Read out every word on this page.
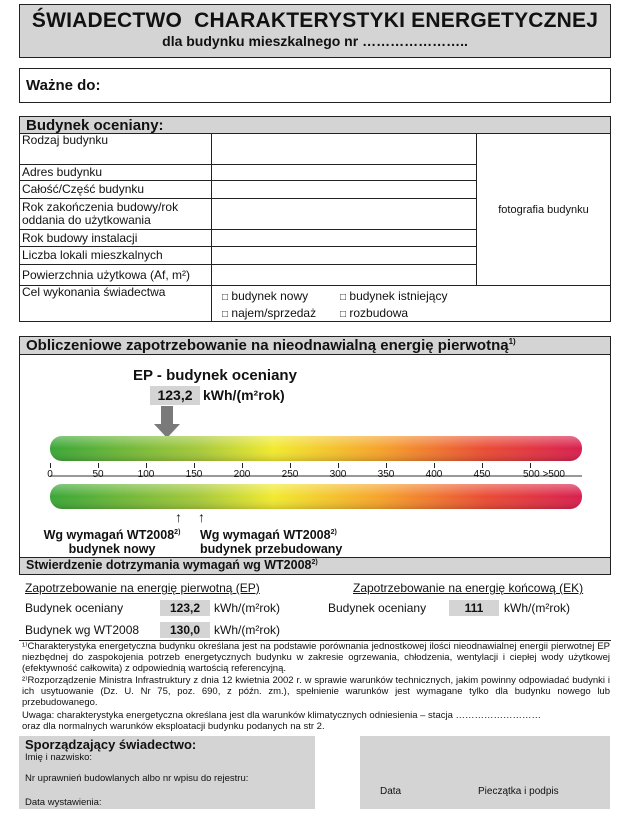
ŚWIADECTWO  CHARAKTERYSTYKI ENERGETYCZNEJ
dla budynku mieszkalnego nr …………………..
Ważne do:
Budynek oceniany:
Rodzaj budynku
Adres budynku
Całość/Część budynku
Rok zakończenia budowy/rok oddania do użytkowania
Rok budowy instalacji
Liczba lokali mieszkalnych
Powierzchnia użytkowa (Af, m²)
fotografia budynku
Cel wykonania świadectwa	□ budynek nowy	□ budynek istniejący
□ najem/sprzedaż □ rozbudowa
Obliczeniowe zapotrzebowanie na nieodnawialną energię pierwotną$^{1)}$
EP - budynek oceniany
123,2 kWh/(m²rok)
0	50	100	150	200	250	300	350	400	450	500 >500
↑ ↑
Wg wymagań WT2008$^{2)}$
budynek nowy
Wg wymagań WT2008$^{2)}$
budynek przebudowany
Stwierdzenie dotrzymania wymagań wg WT2008$^{2)}$
Zapotrzebowanie na energię pierwotną (EP)	Zapotrzebowanie na energię końcową (EK)
Budynek oceniany	123,2	kWh/(m²rok)	Budynek oceniany	111	kWh/(m²rok)
Budynek wg WT2008	130,0	kWh/(m²rok)
¹⁾Charakterystyka energetyczna budynku określana jest na podstawie porównania jednostkowej ilości nieodnawialnej energii pierwotnej EP niezbędnej do zaspokojenia potrzeb energetycznych budynku w zakresie ogrzewania, chłodzenia, wentylacji i ciepłej wody użytkowej (efektywność całkowita) z odpowiednią wartością referencyjną.
²⁾Rozporządzenie Ministra Infrastruktury z dnia 12 kwietnia 2002 r. w sprawie warunków technicznych, jakim powinny odpowiadać budynki i ich usytuowanie (Dz. U. Nr 75, poz. 690, z późn. zm.), spełnienie warunków jest wymagane tylko dla budynku nowego lub przebudowanego.
Uwaga: charakterystyka energetyczna określana jest dla warunków klimatycznych odniesienia – stacja ………………………
oraz dla normalnych warunków eksploatacji budynku podanych na str 2.
Sporządzający świadectwo:
Imię i nazwisko:
Nr uprawnień budowlanych albo nr wpisu do rejestru:
Data wystawienia:
Data	Pieczątka i podpis
